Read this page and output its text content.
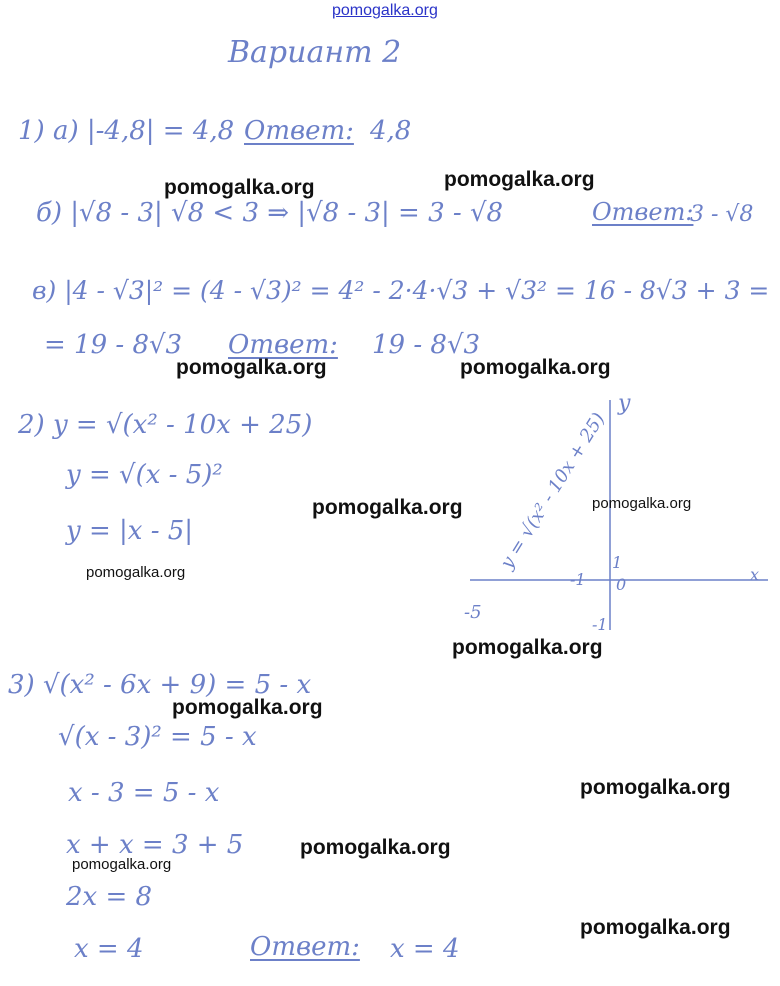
pomogalka.org
Вариант 2
1) а) |-4,8| = 4,8 Ответ: 4,8
б) |√8 - 3| √8 < 3 ⇒ |√8 - 3| = 3 - √8	Ответ:
3 - √8
в) |4 - √3|² = (4 - √3)² = 4² - 2·4·√3 + √3² = 16 - 8√3 + 3 =
= 19 - 8√3 Ответ: 19 - 8√3
2) y = √(x² - 10x + 25)
y = √(x - 5)²
y = |x - 5|
y
x
y = √(x² - 10x + 25)
-1
1
0
-1
-5
3) √(x² - 6x + 9) = 5 - x
√(x - 3)² = 5 - x
x - 3 = 5 - x
x + x = 3 + 5
2x = 8
x = 4	Ответ: x = 4
pomogalka.org	pomogalka.org
pomogalka.org	pomogalka.org
pomogalka.org	pomogalka.org
pomogalka.org
pomogalka.org
pomogalka.org
pomogalka.org
pomogalka.org
pomogalka.org
pomogalka.org
